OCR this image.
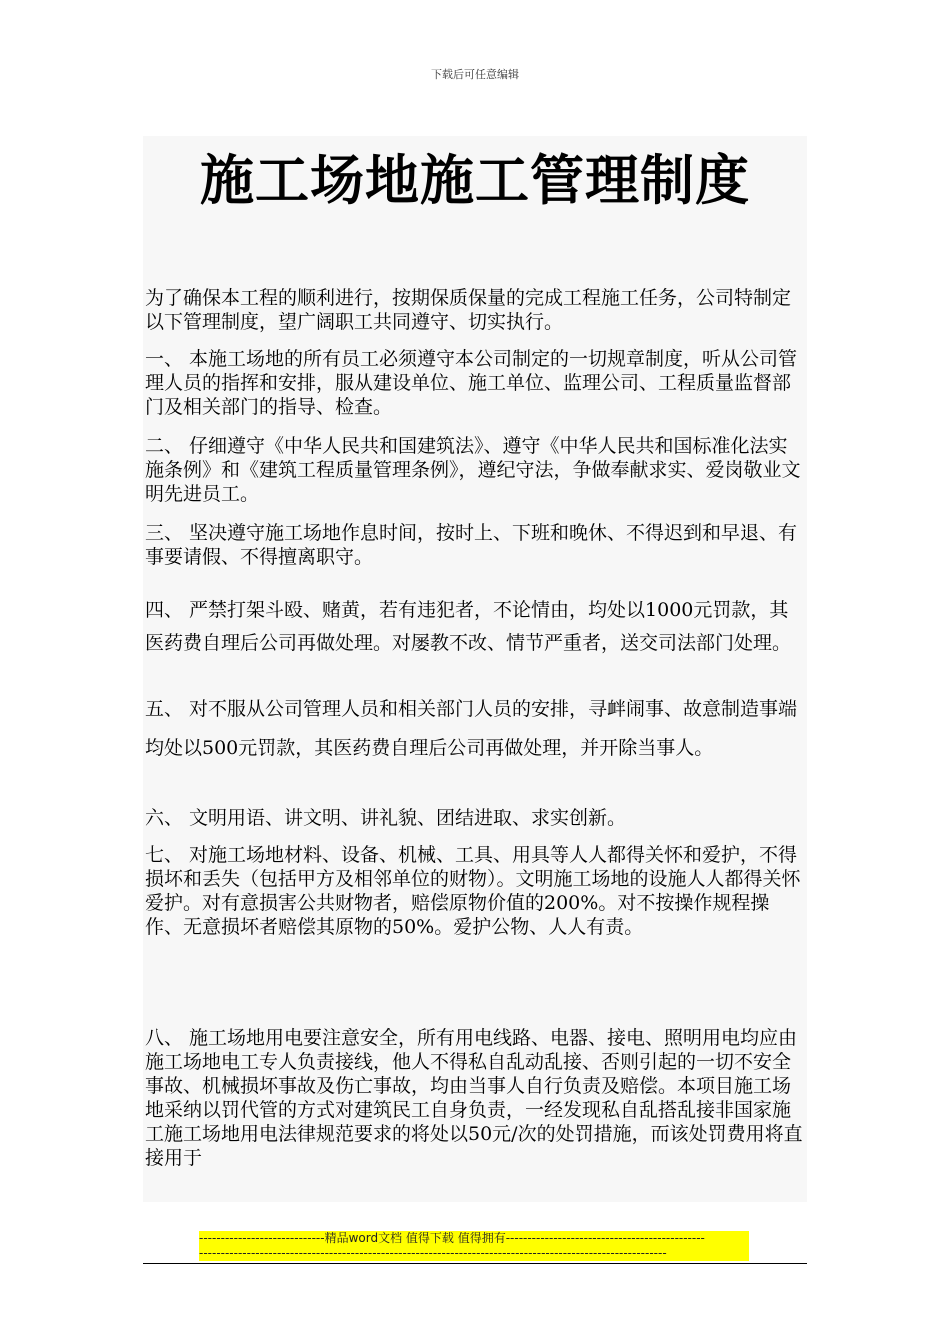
下载后可任意编辑
施工场地施工管理制度

为了确保本工程的顺利进行，按期保质保量的完成工程施工任务，公司特制定以下管理制度，望广阔职工共同遵守、切实执行。

一、 本施工场地的所有员工必须遵守本公司制定的一切规章制度，听从公司管理人员的指挥和安排，服从建设单位、施工单位、监理公司、工程质量监督部门及相关部门的指导、检查。

二、 仔细遵守《中华人民共和国建筑法》、遵守《中华人民共和国标准化法实施条例》和《建筑工程质量管理条例》，遵纪守法，争做奉献求实、爱岗敬业文明先进员工。

三、 坚决遵守施工场地作息时间，按时上、下班和晚休、不得迟到和早退、有事要请假、不得擅离职守。

四、 严禁打架斗殴、赌黄，若有违犯者，不论情由，均处以1000元罚款，其医药费自理后公司再做处理。对屡教不改、情节严重者，送交司法部门处理。

五、 对不服从公司管理人员和相关部门人员的安排，寻衅闹事、故意制造事端均处以500元罚款，其医药费自理后公司再做处理，并开除当事人。

六、 文明用语、讲文明、讲礼貌、团结进取、求实创新。

七、 对施工场地材料、设备、机械、工具、用具等人人都得关怀和爱护，不得损坏和丢失（包括甲方及相邻单位的财物）。文明施工场地的设施人人都得关怀爱护。对有意损害公共财物者，赔偿原物价值的200%。对不按操作规程操作、无意损坏者赔偿其原物的50%。爱护公物、人人有责。

八、 施工场地用电要注意安全，所有用电线路、电器、接电、照明用电均应由施工场地电工专人负责接线，他人不得私自乱动乱接、否则引起的一切不安全事故、机械损坏事故及伤亡事故，均由当事人自行负责及赔偿。本项目施工场地采纳以罚代管的方式对建筑民工自身负责，一经发现私自乱搭乱接非国家施工施工场地用电法律规范要求的将处以50元/次的处罚措施，而该处罚费用将直接用于

-----------------------------精品word文档 值得下载 值得拥有----------------------------------------------
------------------------------------------------------------------------------------------------------------
